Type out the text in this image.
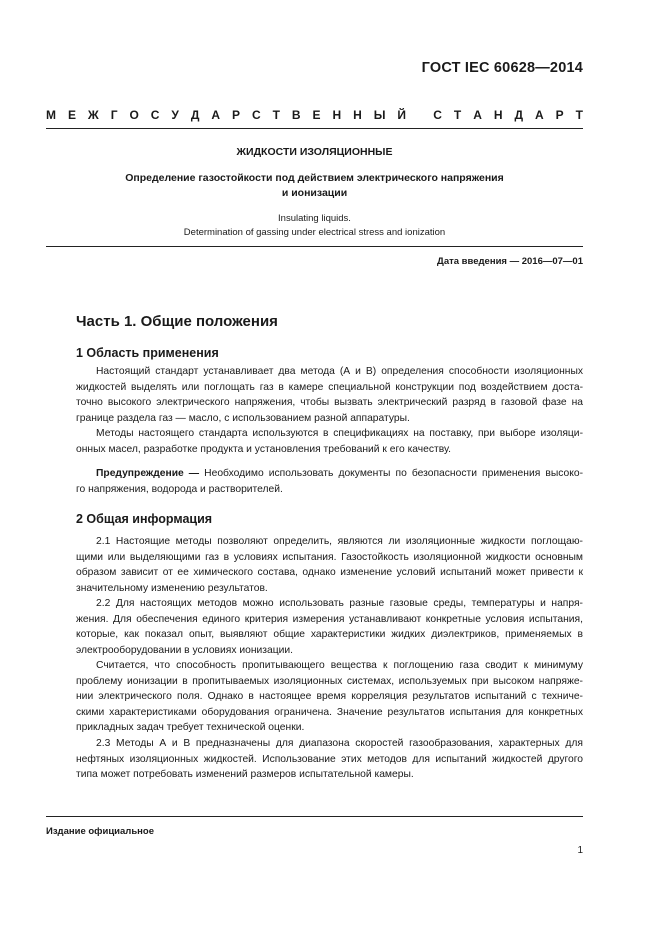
ГОСТ IEC 60628—2014
М Е Ж Г О С У Д А Р С Т В Е Н Н Ы Й
С Т А Н Д А Р Т
ЖИДКОСТИ ИЗОЛЯЦИОННЫЕ
Определение газостойкости под действием электрического напряжения
и ионизации
Insulating liquids.
Determination of gassing under electrical stress and ionization
Дата введения — 2016—07—01
Часть 1. Общие положения
1 Область применения
Настоящий стандарт устанавливает два метода (А и В) определения способности изоляционных
жидкостей выделять или поглощать газ в камере специальной конструкции под воздействием доста-
точно высокого электрического напряжения, чтобы вызвать электрический разряд в газовой фазе на
границе раздела газ — масло, с использованием разной аппаратуры.
Методы настоящего стандарта используются в спецификациях на поставку, при выборе изоляци-
онных масел, разработке продукта и установления требований к его качеству.
Предупреждение — Необходимо использовать документы по безопасности применения высоко-
го напряжения, водорода и растворителей.
2 Общая информация
2.1 Настоящие методы позволяют определить, являются ли изоляционные жидкости поглощаю-
щими или выделяющими газ в условиях испытания. Газостойкость изоляционной жидкости основным
образом зависит от ее химического состава, однако изменение условий испытаний может привести к
значительному изменению результатов.
2.2 Для настоящих методов можно использовать разные газовые среды, температуры и напря-
жения. Для обеспечения единого критерия измерения устанавливают конкретные условия испытания,
которые, как показал опыт, выявляют общие характеристики жидких диэлектриков, применяемых в
электрооборудовании в условиях ионизации.
Считается, что способность пропитывающего вещества к поглощению газа сводит к минимуму
проблему ионизации в пропитываемых изоляционных системах, используемых при высоком напряже-
нии электрического поля. Однако в настоящее время корреляция результатов испытаний с техниче-
скими характеристиками оборудования ограничена. Значение результатов испытания для конкретных
прикладных задач требует технической оценки.
2.3 Методы А и В предназначены для диапазона скоростей газообразования, характерных для
нефтяных изоляционных жидкостей. Использование этих методов для испытаний жидкостей другого
типа может потребовать изменений размеров испытательной камеры.
Издание официальное
1
